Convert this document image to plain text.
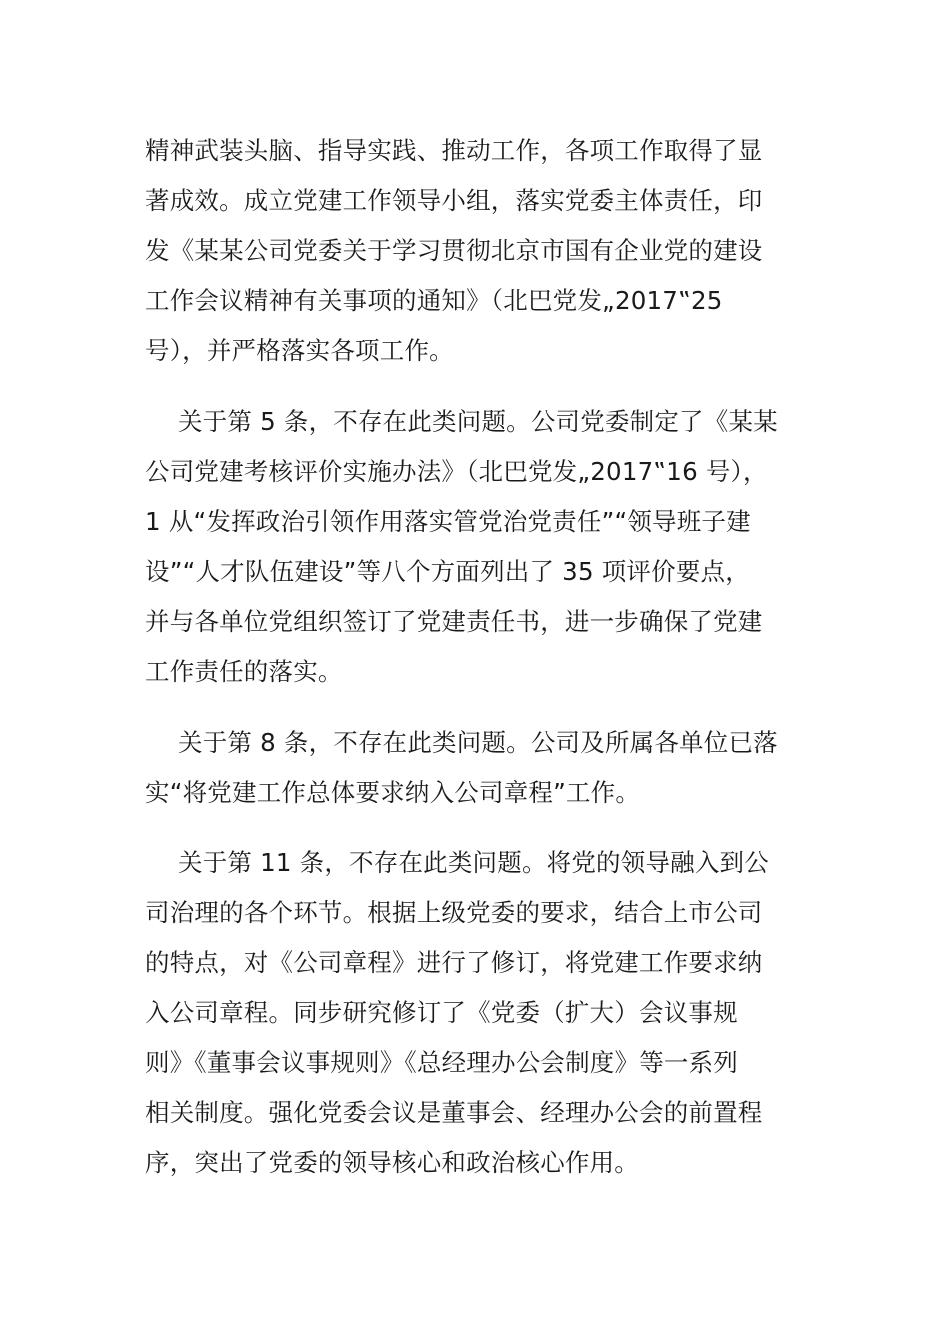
精神武装头脑、指导实践、推动工作，各项工作取得了显
著成效。成立党建工作领导小组，落实党委主体责任，印
发《某某公司党委关于学习贯彻北京市国有企业党的建设
工作会议精神有关事项的通知》（北巴党发„2017‟25
号），并严格落实各项工作。
关于第 5 条，不存在此类问题。公司党委制定了《某某
公司党建考核评价实施办法》（北巴党发„2017‟16 号），
1 从“发挥政治引领作用落实管党治党责任”“领导班子建
设”“人才队伍建设”等八个方面列出了 35 项评价要点，
并与各单位党组织签订了党建责任书，进一步确保了党建
工作责任的落实。
关于第 8 条，不存在此类问题。公司及所属各单位已落
实“将党建工作总体要求纳入公司章程”工作。
关于第 11 条，不存在此类问题。将党的领导融入到公
司治理的各个环节。根据上级党委的要求，结合上市公司
的特点，对《公司章程》进行了修订，将党建工作要求纳
入公司章程。同步研究修订了《党委（扩大）会议事规
则》《董事会议事规则》《总经理办公会制度》等一系列
相关制度。强化党委会议是董事会、经理办公会的前置程
序，突出了党委的领导核心和政治核心作用。
